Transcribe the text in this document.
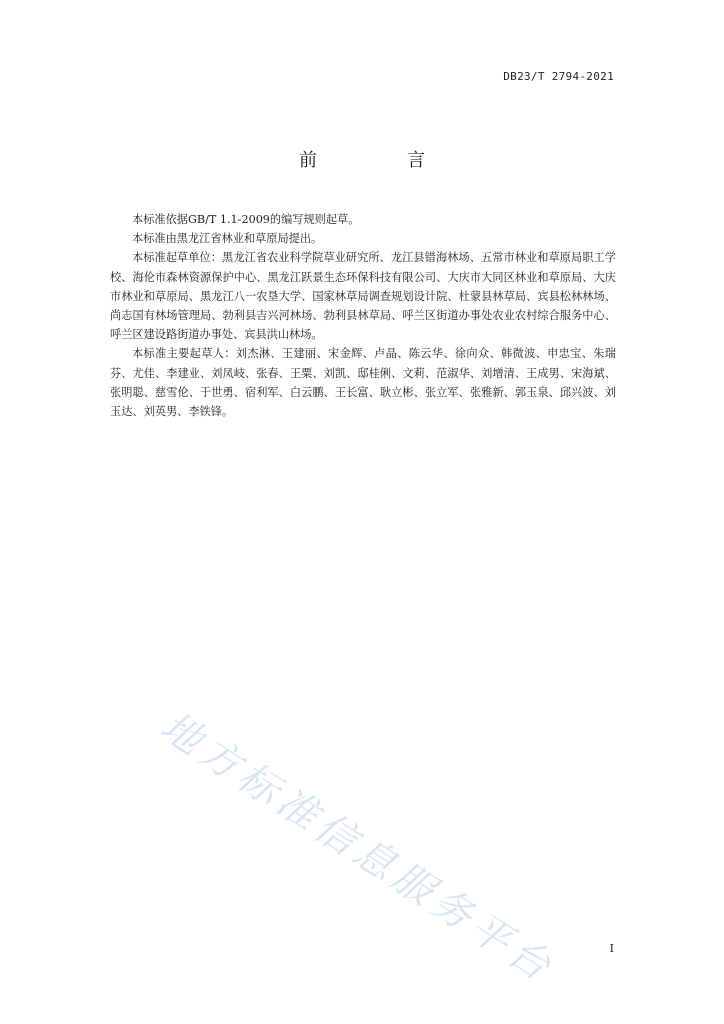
DB23/T 2794-2021
前　言

本标准依据GB/T 1.1-2009的编写规则起草。

本标准由黑龙江省林业和草原局提出。

本标准起草单位：黑龙江省农业科学院草业研究所、龙江县错海林场、五常市林业和草原局职工学校、海伦市森林资源保护中心、黑龙江跃景生态环保科技有限公司、大庆市大同区林业和草原局、大庆市林业和草原局、黑龙江八一农垦大学、国家林草局调查规划设计院、杜蒙县林草局、宾县松林林场、尚志国有林场管理局、勃利县吉兴河林场、勃利县林草局、呼兰区街道办事处农业农村综合服务中心、呼兰区建设路街道办事处、宾县洪山林场。

本标准主要起草人：刘杰淋、王建丽、宋金辉、卢晶、陈云华、徐向众、韩微波、申忠宝、朱瑞芬、尤佳、李建业、刘凤岐、张春、王粟、刘凯、邸桂俐、文莉、范淑华、刘增清、王成男、宋海斌、张明聪、慈雪伦、于世勇、宿利军、白云鹏、王长富、耿立彬、张立军、张雅新、郭玉泉、邱兴波、刘玉达、刘英男、李铁锋。

地方标准信息服务平台	I
